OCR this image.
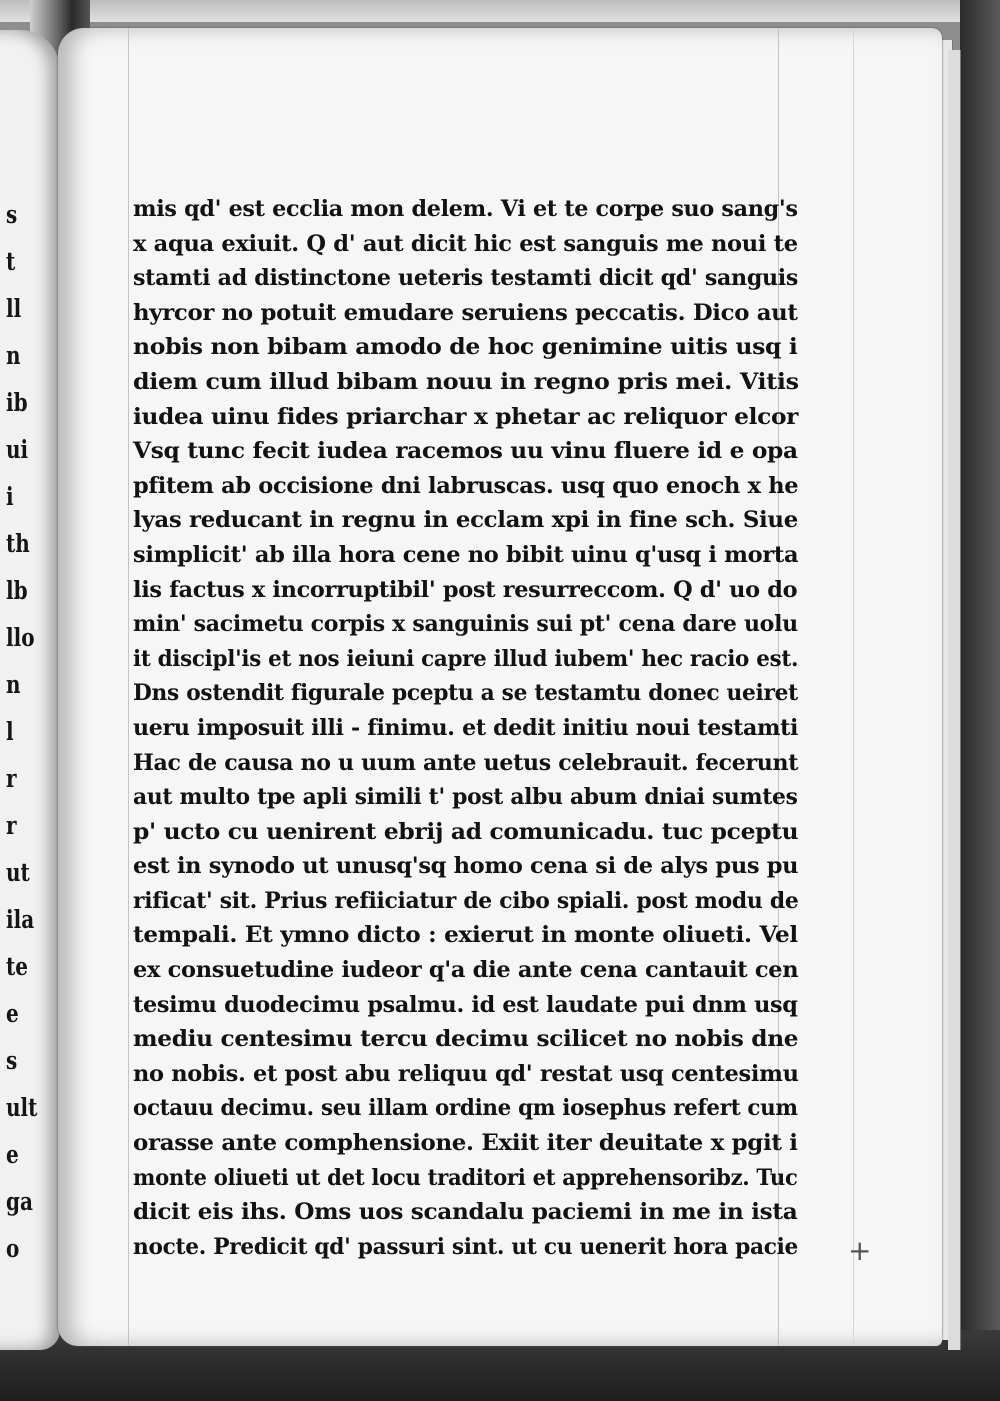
s
t
ll
n
ib
ui
i
th
lb
llo
n
l
r
r
ut
ila
te
e
s
ult
e
ga
o
mis qd' est ecclia mon delem. Vi et te corpe suo sang's
x aqua exiuit. Q d' aut dicit hic est sanguis me noui te
stamti ad distinctone ueteris testamti dicit qd' sanguis
hyrcor no potuit emudare seruiens peccatis. Dico aut
nobis non bibam amodo de hoc genimine uitis usq i
diem cum illud bibam nouu in regno pris mei. Vitis
iudea uinu fides priarchar x phetar ac reliquor elcor
Vsq tunc fecit iudea racemos uu vinu fluere id e opa
pfitem ab occisione dni labruscas. usq quo enoch x he
lyas reducant in regnu in ecclam xpi in fine sch. Siue
simplicit' ab illa hora cene no bibit uinu q'usq i morta
lis factus x incorruptibil' post resurreccom. Q d' uo do
min' sacimetu corpis x sanguinis sui pt' cena dare uolu
it discipl'is et nos ieiuni capre illud iubem' hec racio est.
Dns ostendit figurale pceptu a se testamtu donec ueiret
ueru imposuit illi - finimu. et dedit initiu noui testamti
Hac de causa no u uum ante uetus celebrauit. fecerunt
aut multo tpe apli simili t' post albu abum dniai sumtes
p' ucto cu uenirent ebrij ad comunicadu. tuc pceptu
est in synodo ut unusq'sq homo cena si de alys pus pu
rificat' sit. Prius refiiciatur de cibo spiali. post modu de
tempali. Et ymno dicto : exierut in monte oliueti. Vel
ex consuetudine iudeor q'a die ante cena cantauit cen
tesimu duodecimu psalmu. id est laudate pui dnm usq
mediu centesimu tercu decimu scilicet no nobis dne
no nobis. et post abu reliquu qd' restat usq centesimu
octauu decimu. seu illam ordine qm iosephus refert cum
orasse ante comphensione. Exiit iter deuitate x pgit i
monte oliueti ut det locu traditori et apprehensoribz. Tuc
dicit eis ihs. Oms uos scandalu paciemi in me in ista
nocte. Predicit qd' passuri sint. ut cu uenerit hora pacie +
